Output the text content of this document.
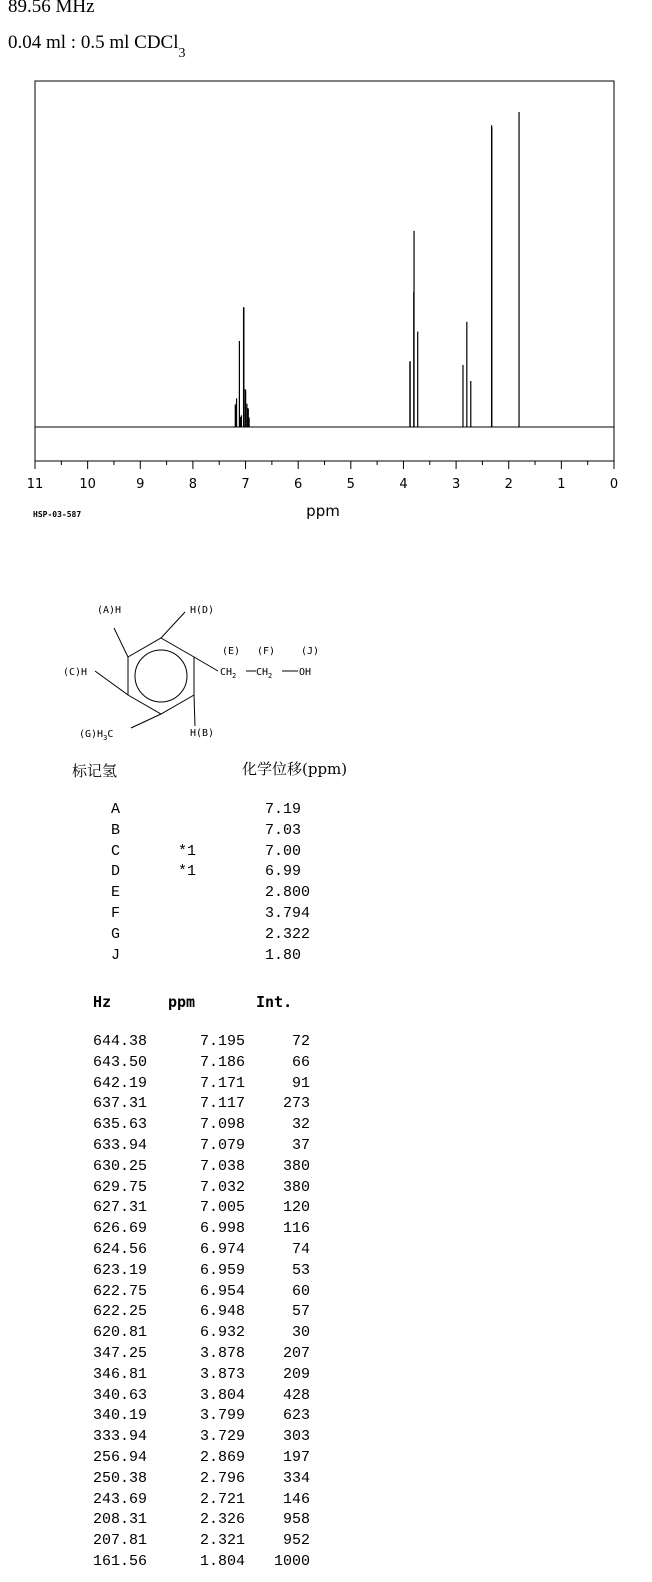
89.56 MHz
0.04 ml : 0.5 ml CDCl$_3$
11	10	9	8	7	6	5	4	3	2	1	0
ppm
HSP-03-587
(A)H	H(D)
(C)H
$(G)H_3C$	H(B)
(E) (F)	(J)
$CH_2$ $CH_2$	OH
标记氢	化学位移(ppm)
A	7.19
B	7.03
C	*1	7.00
D	*1	6.99
E	2.800
F	3.794
G	2.322
J	1.80
Hz	ppm	Int.
644.38	7.195	72
643.50	7.186	66
642.19	7.171	91
637.31	7.117	273
635.63	7.098	32
633.94	7.079	37
630.25	7.038	380
629.75	7.032	380
627.31	7.005	120
626.69	6.998	116
624.56	6.974	74
623.19	6.959	53
622.75	6.954	60
622.25	6.948	57
620.81	6.932	30
347.25	3.878	207
346.81	3.873	209
340.63	3.804	428
340.19	3.799	623
333.94	3.729	303
256.94	2.869	197
250.38	2.796	334
243.69	2.721	146
208.31	2.326	958
207.81	2.321	952
161.56	1.804 1000
